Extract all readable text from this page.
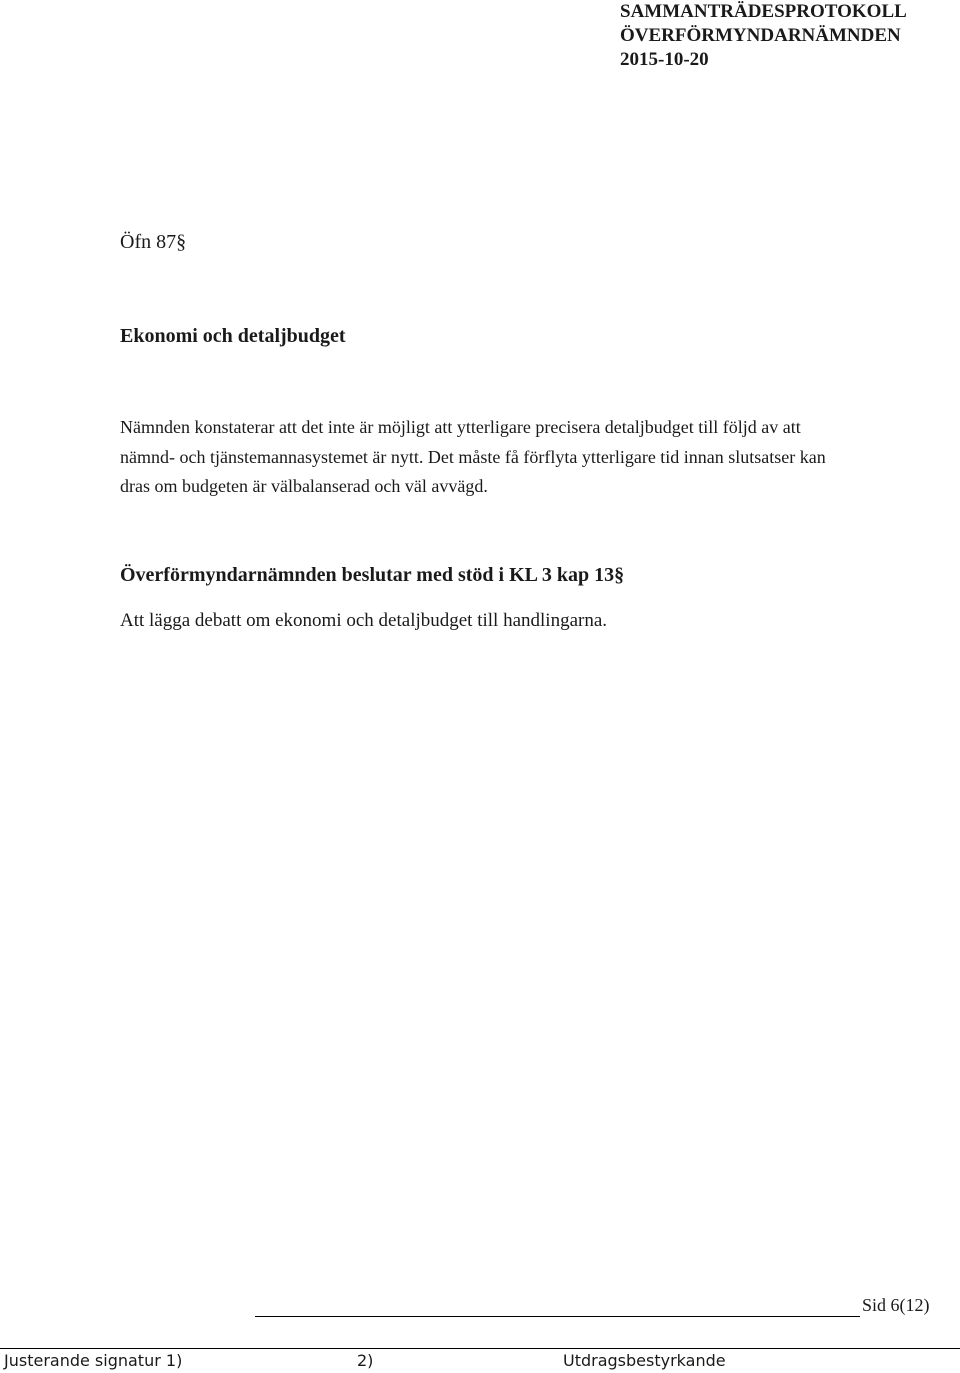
SAMMANTRÄDESPROTOKOLL
ÖVERFÖRMYNDARNÄMNDEN
2015-10-20
Öfn 87§
Ekonomi och detaljbudget
Nämnden konstaterar att det inte är möjligt att ytterligare precisera detaljbudget till följd av att
nämnd- och tjänstemannasystemet är nytt. Det måste få förflyta ytterligare tid innan slutsatser kan
dras om budgeten är välbalanserad och väl avvägd.
Överförmyndarnämnden beslutar med stöd i KL 3 kap 13§
Att lägga debatt om ekonomi och detaljbudget till handlingarna.
Sid 6(12)
Justerande signatur 1)	2)	Utdragsbestyrkande
